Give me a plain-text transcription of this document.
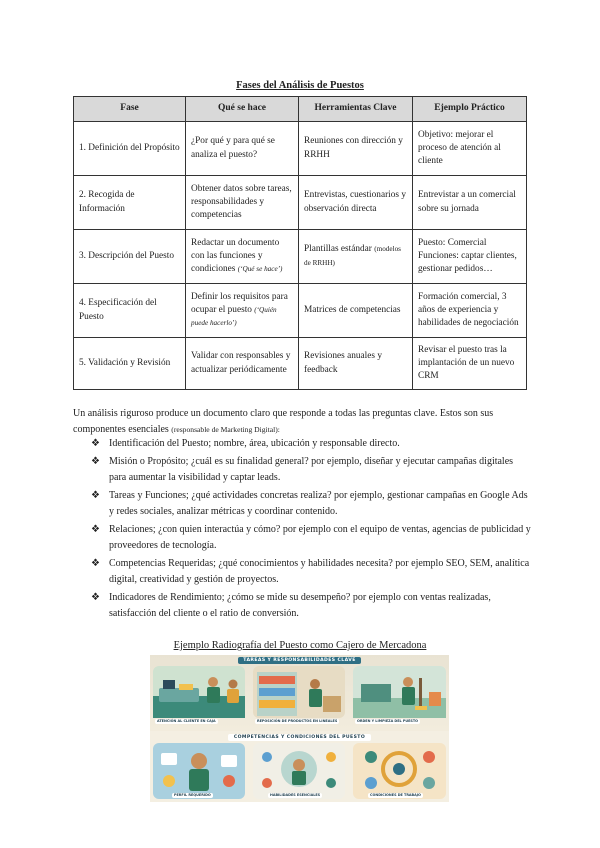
Fases del Análisis de Puestos
Fase	Qué se hace	Herramientas Clave	Ejemplo Práctico
1. Definición del Propósito	¿Por qué y para qué se analiza el puesto?	Reuniones con dirección y RRHH	Objetivo: mejorar el proceso de atención al cliente
2. Recogida de Información	Obtener datos sobre tareas, responsabilidades y competencias	Entrevistas, cuestionarios y observación directa	Entrevistar a un comercial sobre su jornada
3. Descripción del Puesto	Redactar un documento con las funciones y condiciones (‘Qué se hace’)	Plantillas estándar (modelos de RRHH)	Puesto: Comercial Funciones: captar clientes, gestionar pedidos…
4. Especificación del Puesto	Definir los requisitos para ocupar el puesto (‘Quién puede hacerlo’)	Matrices de competencias	Formación comercial, 3 años de experiencia y habilidades de negociación
5. Validación y Revisión	Validar con responsables y actualizar periódicamente	Revisiones anuales y feedback	Revisar el puesto tras la implantación de un nuevo CRM
Un análisis riguroso produce un documento claro que responde a todas las preguntas clave. Estos son sus componentes esenciales (responsable de Marketing Digital):
❖ Identificación del Puesto; nombre, área, ubicación y responsable directo.
❖ Misión o Propósito; ¿cuál es su finalidad general? por ejemplo, diseñar y ejecutar campañas digitales para aumentar la visibilidad y captar leads.
❖ Tareas y Funciones; ¿qué actividades concretas realiza? por ejemplo, gestionar campañas en Google Ads y redes sociales, analizar métricas y coordinar contenido.
❖ Relaciones; ¿con quien interactúa y cómo? por ejemplo con el equipo de ventas, agencias de publicidad y proveedores de tecnología.
❖ Competencias Requeridas; ¿qué conocimientos y habilidades necesita? por ejemplo SEO, SEM, analítica digital, creatividad y gestión de proyectos.
❖ Indicadores de Rendimiento; ¿cómo se mide su desempeño? por ejemplo con ventas realizadas, satisfacción del cliente o el ratio de conversión.
Ejemplo Radiografía del Puesto como Cajero de Mercadona
TAREAS Y RESPONSABILIDADES CLAVE
ATENCIÓN AL CLIENTE EN CAJA	REPOSICIÓN DE PRODUCTOS EN LINEALES	ORDEN Y LIMPIEZA DEL PUESTO
COMPETENCIAS Y CONDICIONES DEL PUESTO
PERFIL REQUERIDO	HABILIDADES ESENCIALES	CONDICIONES DE TRABAJO
